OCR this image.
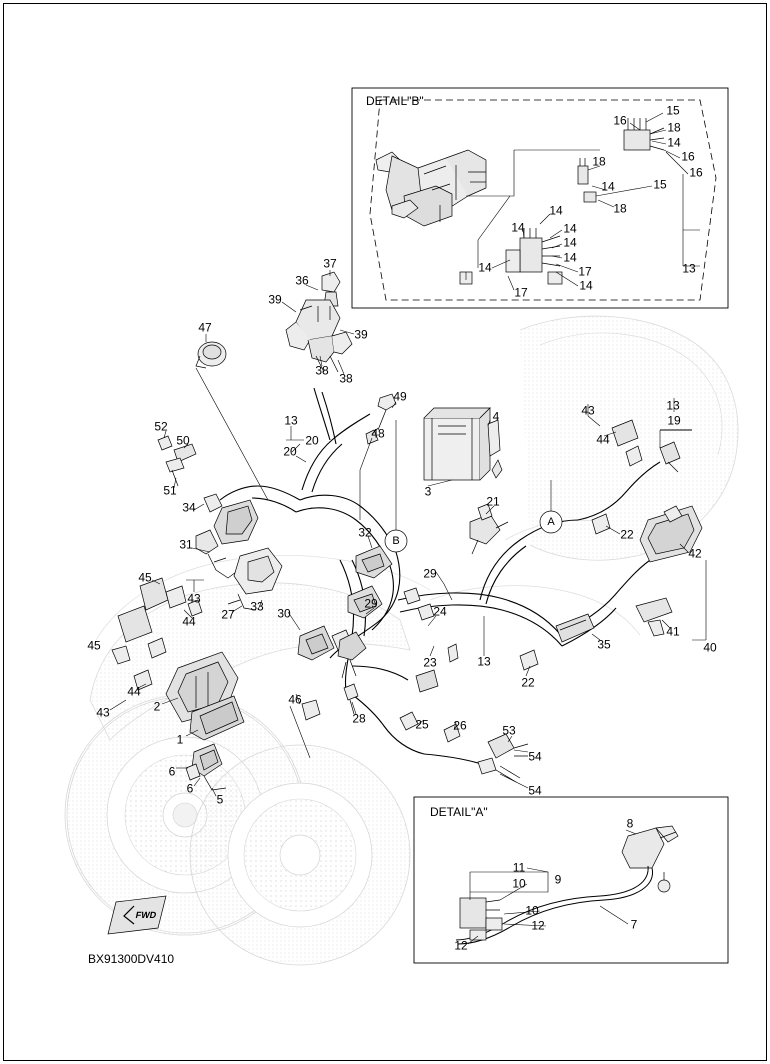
DETAIL"B"
DETAIL"A"
BX91300DV410
FWD
A
B
15
16	18
14
16
18
16
15
14
18
14
14	14
14
14
14	17
14
17
13
37
36
39
39
47
38
38
49
4	43	13
19
13
48
20
52
50	44
20
51
34
3
21
32
31
22
42
29
45
43	29
24
27
33
44
30
41
40
35
45
23	13
44
22
2
43
46
28
1
25 26	53
54
6
6
5
54
8
11
9
10
10
12	7
12
